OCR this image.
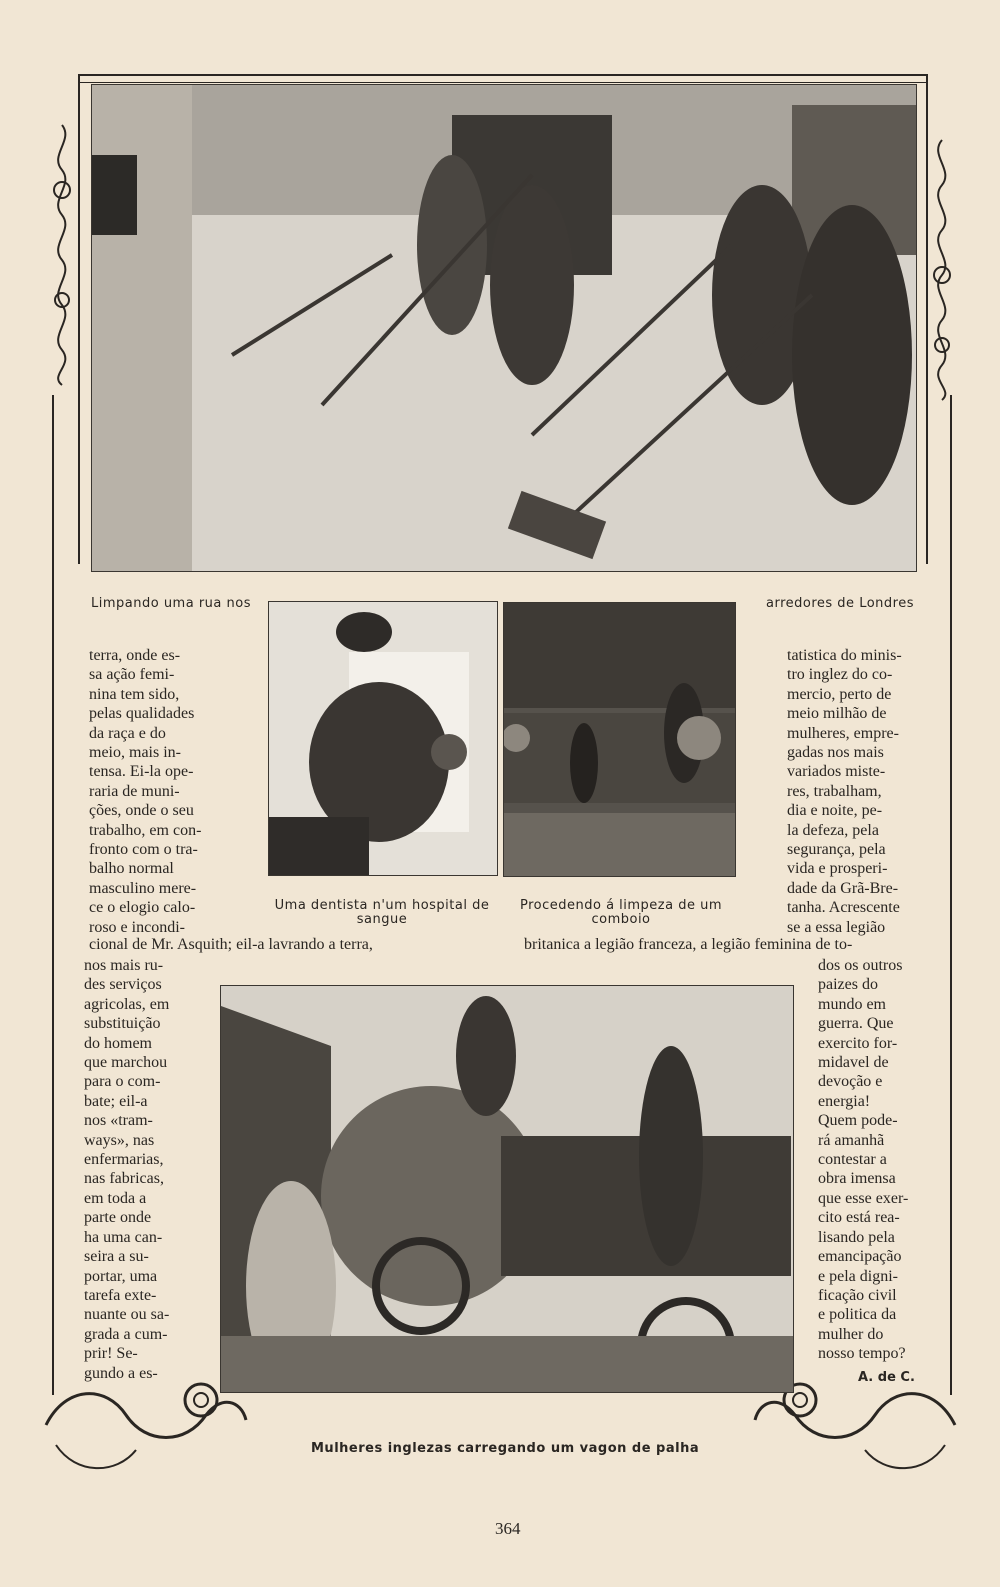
Limpando uma rua nos	arredores de Londres
Uma dentista n'um hospital de sangue
Procedendo á limpeza de um comboio
terra, onde es-
sa ação femi-
nina tem sido,
pelas qualidades
da raça e do
meio, mais in-
tensa. Ei-la ope-
raria de muni-
ções, onde o seu
trabalho, em con-
fronto com o tra-
balho normal
masculino mere-
ce o elogio calo-
roso e incondi-
tatistica do minis-
tro inglez do co-
mercio, perto de
meio milhão de
mulheres, empre-
gadas nos mais
variados miste-
res, trabalham,
dia e noite, pe-
la defeza, pela
segurança, pela
vida e prosperi-
dade da Grã-Bre-
tanha. Acrescente
se a essa legião
cional de Mr. Asquith; eil-a lavrando a terra,	britanica a legião franceza, a legião feminina de to-
nos mais ru-
des serviços
agricolas, em
substituição
do homem
que marchou
para o com-
bate; eil-a
nos «tram-
ways», nas
enfermarias,
nas fabricas,
em toda a
parte onde
ha uma can-
seira a su-
portar, uma
tarefa exte-
nuante ou sa-
grada a cum-
prir! Se-
gundo a es-
dos os outros
paizes do
mundo em
guerra. Que
exercito for-
midavel de
devoção e
energia!
Quem pode-
rá amanhã
contestar a
obra imensa
que esse exer-
cito está rea-
lisando pela
emancipação
e pela digni-
ficação civil
e politica da
mulher do
nosso tempo?
A. de C.
Mulheres inglezas carregando um vagon de palha
364
